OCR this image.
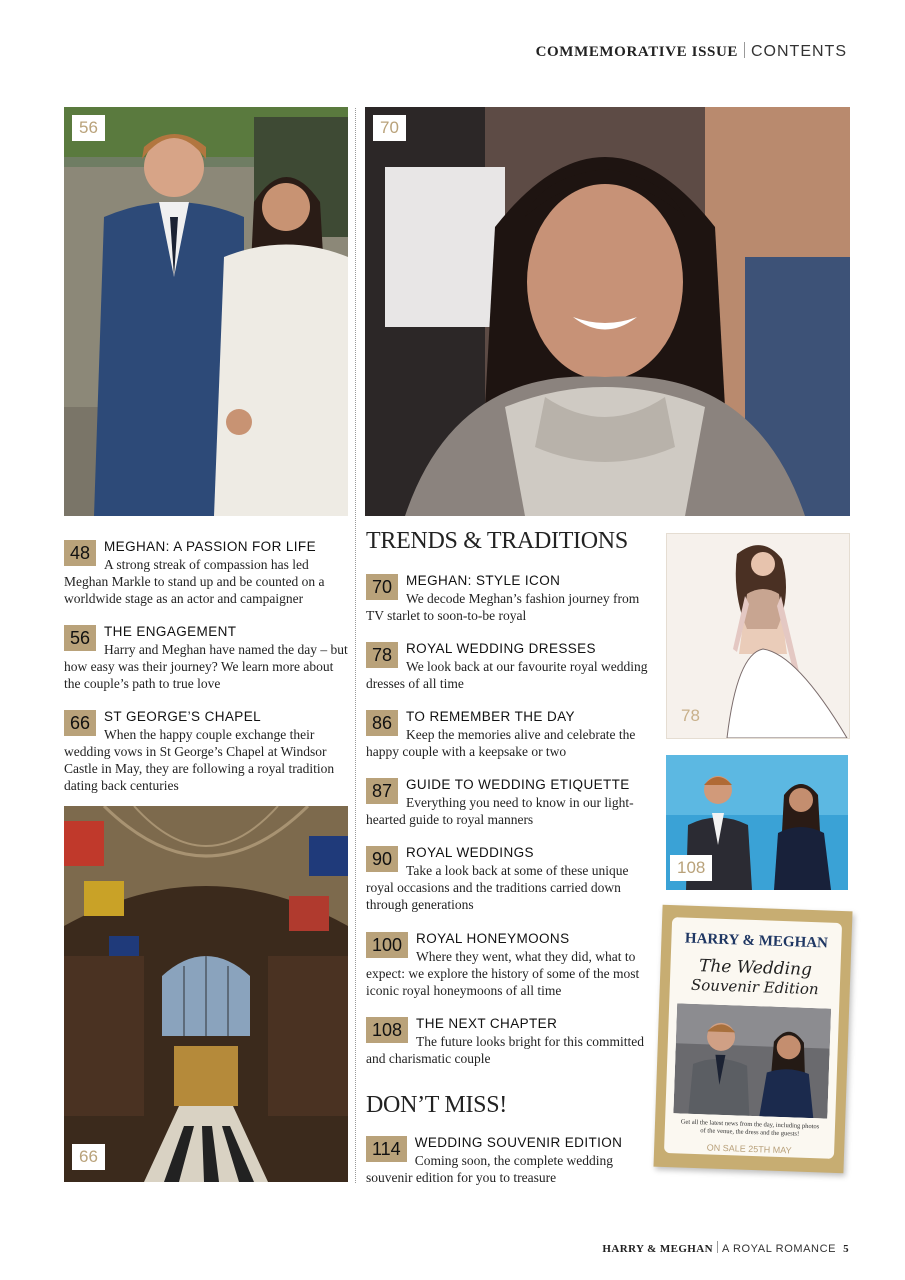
COMMEMORATIVE ISSUE CONTENTS
56	70
48	MEGHAN: A PASSION FOR LIFE
A strong streak of compassion has led Meghan Markle to stand up and be counted on a worldwide stage as an actor and campaigner
56	THE ENGAGEMENT
Harry and Meghan have named the day – but how easy was their journey? We learn more about the couple’s path to true love
66	ST GEORGE’S CHAPEL
When the happy couple exchange their wedding vows in St George’s Chapel at Windsor Castle in May, they are following a royal tradition dating back centuries
66
TRENDS & TRADITIONS
70	MEGHAN: STYLE ICON
We decode Meghan’s fashion journey from TV starlet to soon-to-be royal
78	ROYAL WEDDING DRESSES
We look back at our favourite royal wedding dresses of all time
86	TO REMEMBER THE DAY
Keep the memories alive and celebrate the happy couple with a keepsake or two
87	GUIDE TO WEDDING ETIQUETTE
Everything you need to know in our light-hearted guide to royal manners
90	ROYAL WEDDINGS
Take a look back at some of these unique royal occasions and the traditions carried down through generations
100	ROYAL HONEYMOONS
Where they went, what they did, what to expect: we explore the history of some of the most iconic royal honeymoons of all time
108	THE NEXT CHAPTER
The future looks bright for this committed and charismatic couple
DON’T MISS!
114	WEDDING SOUVENIR EDITION
Coming soon, the complete wedding souvenir edition for you to treasure
78
108
HARRY & MEGHAN
The Wedding
Souvenir Edition
Get all the latest news from the day, including photos of the venue, the dress and the guests!
ON SALE 25TH MAY
HARRY & MEGHAN A ROYAL ROMANCE 5
